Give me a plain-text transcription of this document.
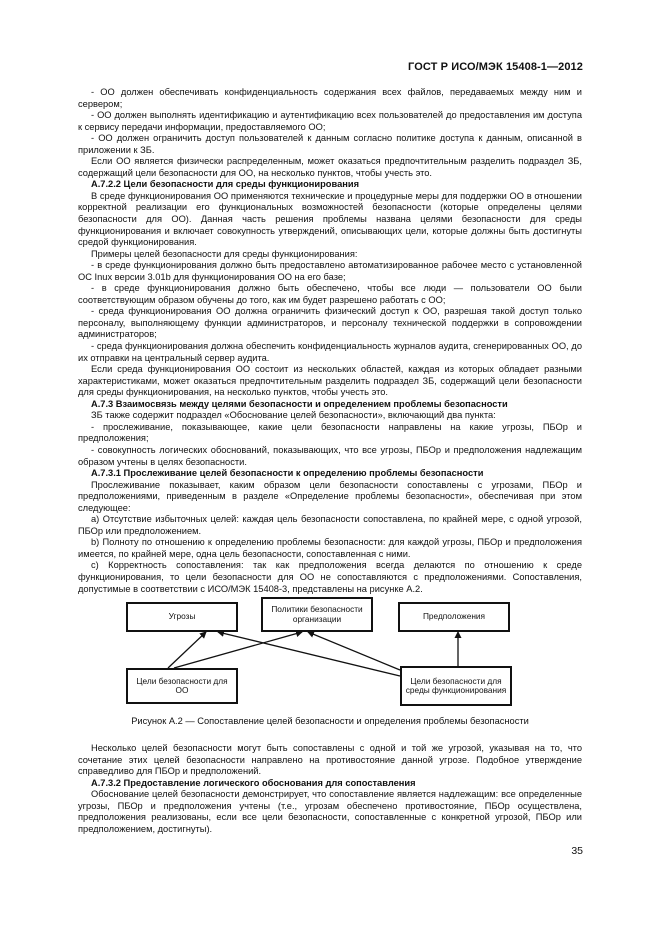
ГОСТ Р ИСО/МЭК 15408-1—2012

- ОО должен обеспечивать конфиденциальность содержания всех файлов, передаваемых между ним и сервером;

- ОО должен выполнять идентификацию и аутентификацию всех пользователей до предоставления им доступа к сервису передачи информации, предоставляемого ОО;

- ОО должен ограничить доступ пользователей к данным согласно политике доступа к данным, описанной в приложении к ЗБ.

Если ОО является физически распределенным, может оказаться предпочтительным разделить подраздел ЗБ, содержащий цели безопасности для ОО, на несколько пунктов, чтобы учесть это.

А.7.2.2 Цели безопасности для среды функционирования

В среде функционирования ОО применяются технические и процедурные меры для поддержки ОО в отношении корректной реализации его функциональных возможностей безопасности (которые определены целями безопасности для ОО). Данная часть решения проблемы названа целями безопасности для среды функционирования и включает совокупность утверждений, описывающих цели, которые должны быть достигнуты средой функционирования.

Примеры целей безопасности для среды функционирования:

- в среде функционирования должно быть предоставлено автоматизированное рабочее место с установленной ОС Inux версии 3.01b для функционирования ОО на его базе;

- в среде функционирования должно быть обеспечено, чтобы все люди — пользователи ОО были соответствующим образом обучены до того, как им будет разрешено работать с ОО;

- среда функционирования ОО должна ограничить физический доступ к ОО, разрешая такой доступ только персоналу, выполняющему функции администраторов, и персоналу технической поддержки в сопровождении администраторов;

- среда функционирования должна обеспечить конфиденциальность журналов аудита, сгенерированных ОО, до их отправки на центральный сервер аудита.

Если среда функционирования ОО состоит из нескольких областей, каждая из которых обладает разными характеристиками, может оказаться предпочтительным разделить подраздел ЗБ, содержащий цели безопасности для среды функционирования, на несколько пунктов, чтобы учесть это.

А.7.3 Взаимосвязь между целями безопасности и определением проблемы безопасности

ЗБ также содержит подраздел «Обоснование целей безопасности», включающий два пункта:

- прослеживание, показывающее, какие цели безопасности направлены на какие угрозы, ПБОр и предположения;

- совокупность логических обоснований, показывающих, что все угрозы, ПБОр и предположения надлежащим образом учтены в целях безопасности.

А.7.3.1 Прослеживание целей безопасности к определению проблемы безопасности

Прослеживание показывает, каким образом цели безопасности сопоставлены с угрозами, ПБОр и предположениями, приведенным в разделе «Определение проблемы безопасности», обеспечивая при этом следующее:

а) Отсутствие избыточных целей: каждая цель безопасности сопоставлена, по крайней мере, с одной угрозой, ПБОр или предположением.

b) Полноту по отношению к определению проблемы безопасности: для каждой угрозы, ПБОр и предположения имеется, по крайней мере, одна цель безопасности, сопоставленная с ними.

с) Корректность сопоставления: так как предположения всегда делаются по отношению к среде функционирования, то цели безопасности для ОО не сопоставляются с предположениями. Сопоставления, допустимые в соответствии с ИСО/МЭК 15408-3, представлены на рисунке А.2.

Угрозы
Политики безопасности организации	Предположения
Цели безопасности для ОО
Цели безопасности для среды функционирования
Рисунок А.2 — Сопоставление целей безопасности и определения проблемы безопасности

Несколько целей безопасности могут быть сопоставлены с одной и той же угрозой, указывая на то, что сочетание этих целей безопасности направлено на противостояние данной угрозе. Подобное утверждение справедливо для ПБОр и предположений.

А.7.3.2 Предоставление логического обоснования для сопоставления

Обоснование целей безопасности демонстрирует, что сопоставление является надлежащим: все определенные угрозы, ПБОр и предположения учтены (т.е., угрозам обеспечено противостояние, ПБОр осуществлена, предположения реализованы, если все цели безопасности, сопоставленные с конкретной угрозой, ПБОр или предположением, достигнуты).

35
